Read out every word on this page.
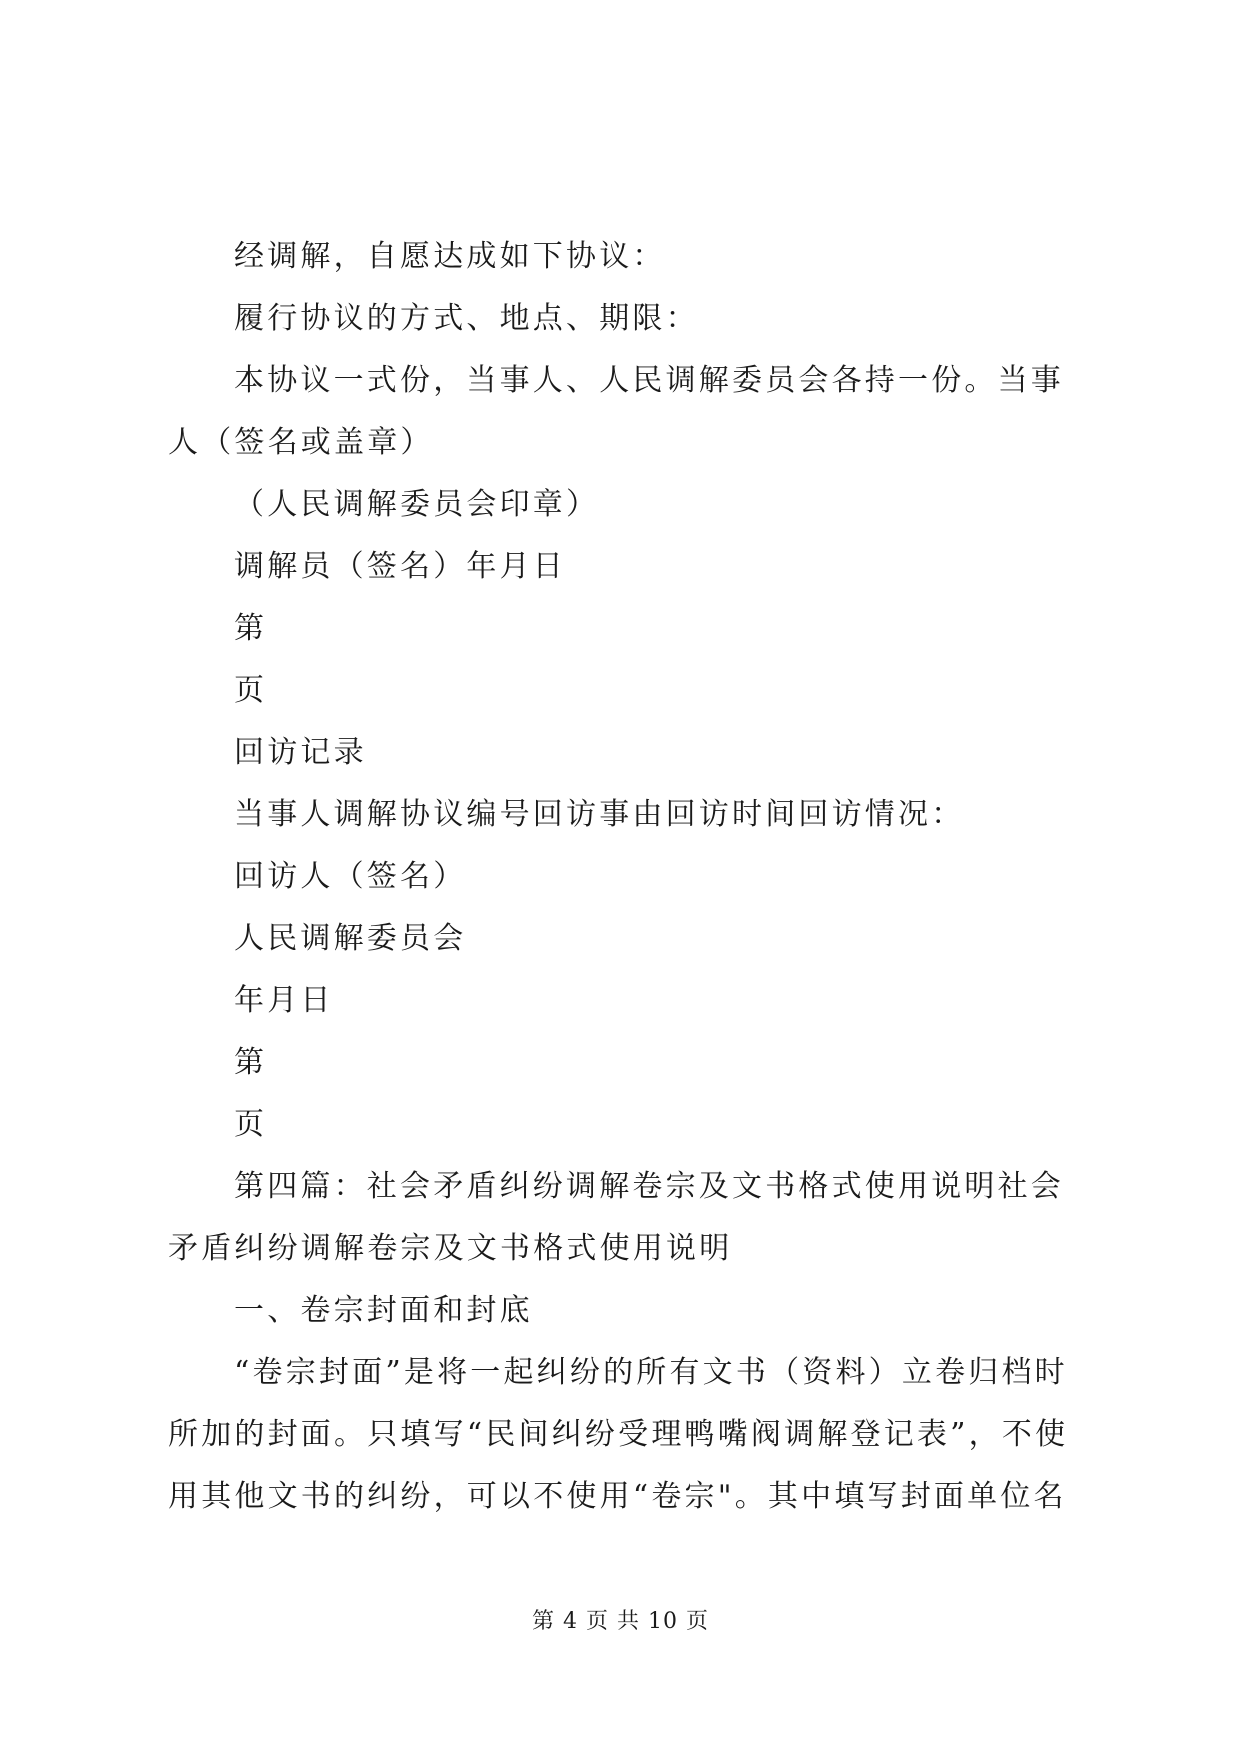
经调解，自愿达成如下协议：

履行协议的方式、地点、期限：

本协议一式份，当事人、人民调解委员会各持一份。当事人（签名或盖章）

（人民调解委员会印章）

调解员（签名）年月日

第

页

回访记录

当事人调解协议编号回访事由回访时间回访情况：

回访人（签名）

人民调解委员会

年月日

第

页

第四篇：社会矛盾纠纷调解卷宗及文书格式使用说明社会矛盾纠纷调解卷宗及文书格式使用说明

一、卷宗封面和封底

“卷宗封面”是将一起纠纷的所有文书（资料）立卷归档时所加的封面。只填写“民间纠纷受理鸭嘴阀调解登记表”，不使用其他文书的纠纷，可以不使用“卷宗"。其中填写封面单位名

第 4 页 共 10 页
